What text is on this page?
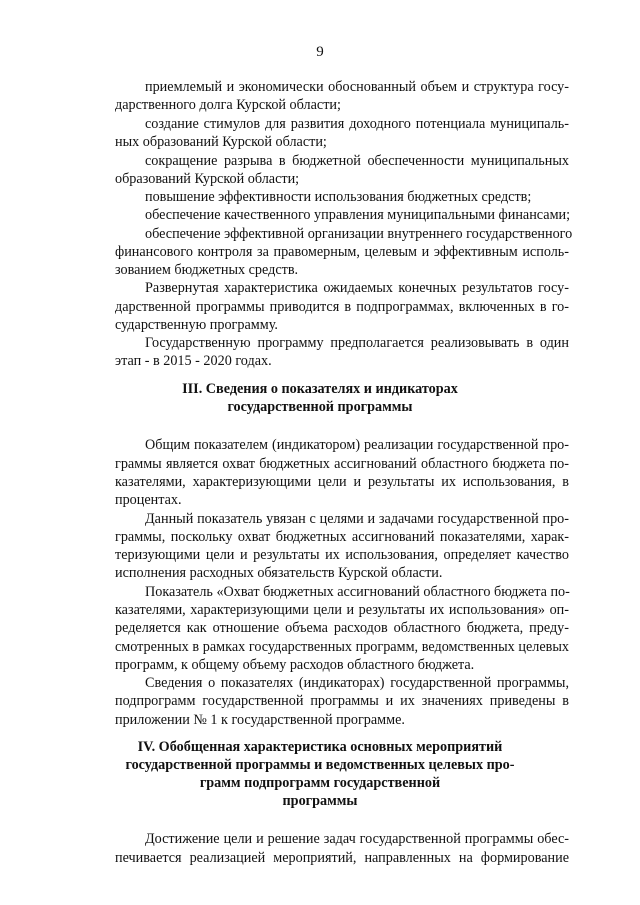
9
приемлемый и экономически обоснованный объем и структура госу-
дарственного долга Курской области;
создание стимулов для развития доходного потенциала муниципаль-
ных образований Курской области;
сокращение разрыва в бюджетной обеспеченности муниципальных
образований Курской области;
повышение эффективности использования бюджетных средств;
обеспечение качественного управления муниципальными финансами;
обеспечение эффективной организации внутреннего государственного
финансового контроля за правомерным, целевым и эффективным исполь-
зованием бюджетных средств.
Развернутая характеристика ожидаемых конечных результатов госу-
дарственной программы приводится в подпрограммах, включенных в го-
сударственную программу.
Государственную программу предполагается реализовывать в один
этап - в 2015 - 2020 годах.
III. Сведения о показателях и индикаторах
государственной программы
Общим показателем (индикатором) реализации государственной про-
граммы является охват бюджетных ассигнований областного бюджета по-
казателями, характеризующими цели и результаты их использования, в
процентах.
Данный показатель увязан с целями и задачами государственной про-
граммы, поскольку охват бюджетных ассигнований показателями, харак-
теризующими цели и результаты их использования, определяет качество
исполнения расходных обязательств Курской области.
Показатель «Охват бюджетных ассигнований областного бюджета по-
казателями, характеризующими цели и результаты их использования» оп-
ределяется как отношение объема расходов областного бюджета, преду-
смотренных в рамках государственных программ, ведомственных целевых
программ, к общему объему расходов областного бюджета.
Сведения о показателях (индикаторах) государственной программы,
подпрограмм государственной программы и их значениях приведены в
приложении № 1 к государственной программе.
IV. Обобщенная характеристика основных мероприятий
государственной программы и ведомственных целевых про-
грамм подпрограмм государственной
программы
Достижение цели и решение задач государственной программы обес-
печивается реализацией мероприятий, направленных на формирование
